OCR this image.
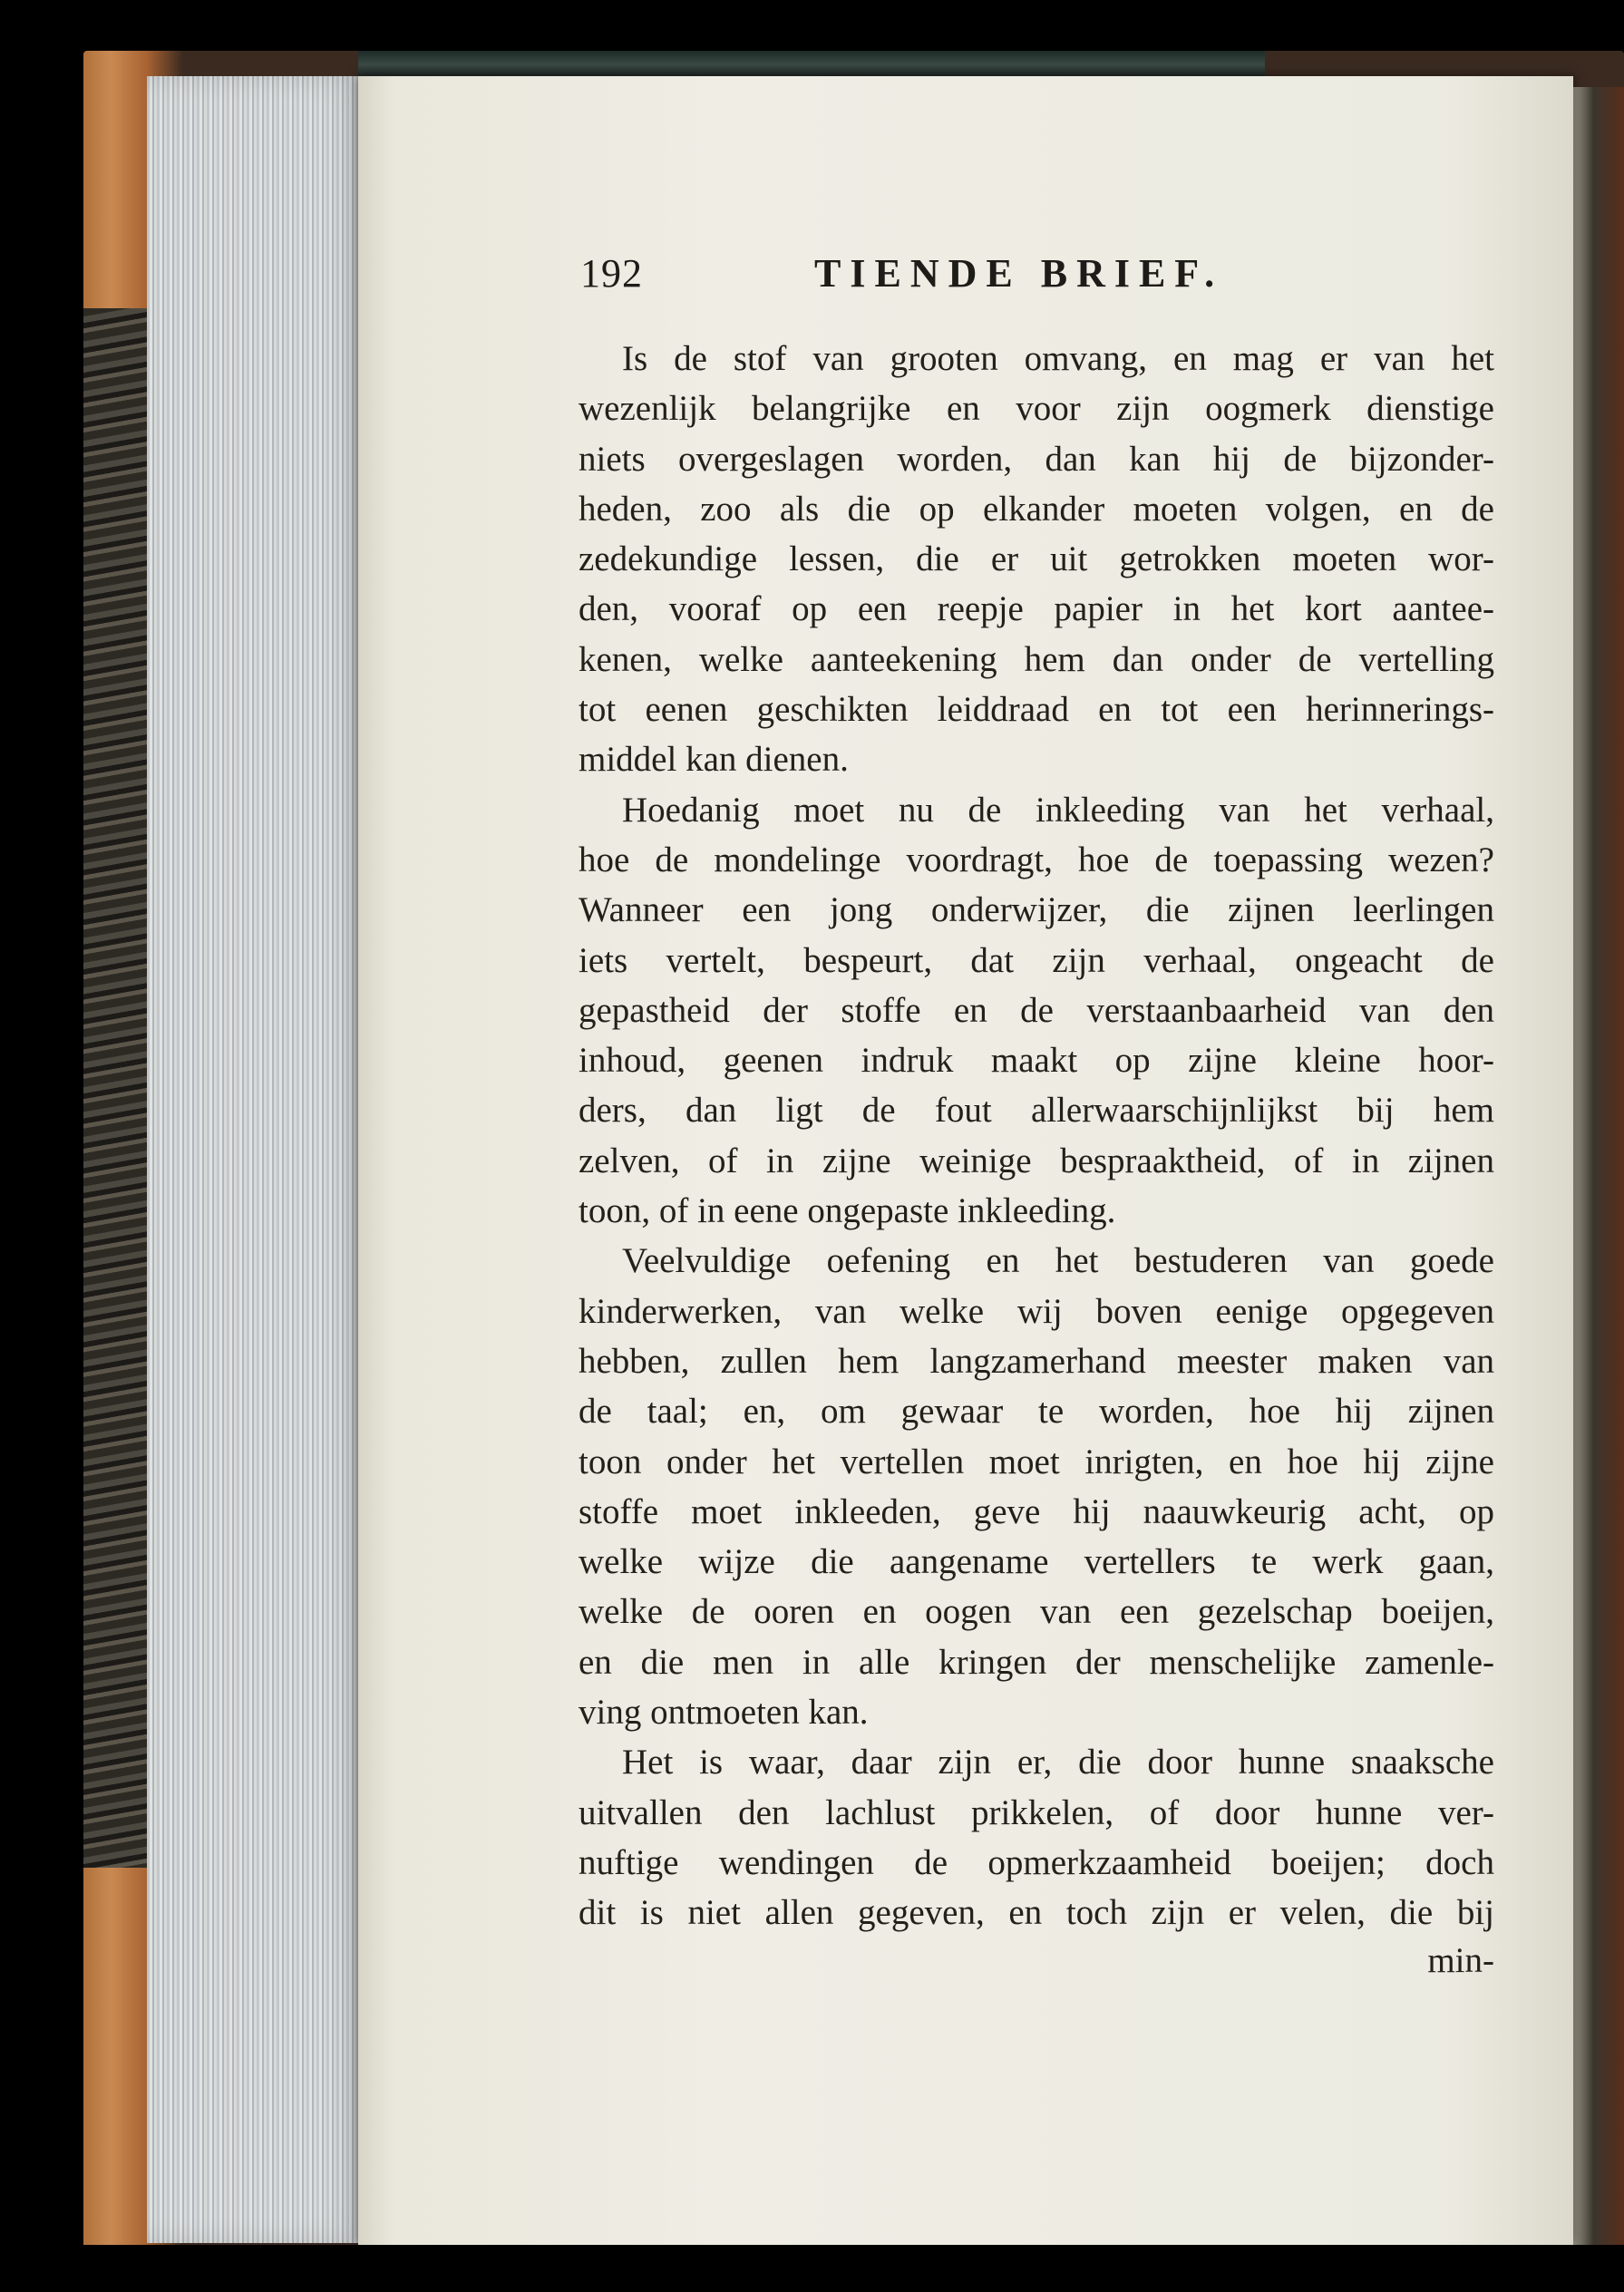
192	TIENDE BRIEF.
Is de stof van grooten omvang, en mag er van het
wezenlijk belangrijke en voor zijn oogmerk dienstige
niets overgeslagen worden, dan kan hij de bijzonder-
heden, zoo als die op elkander moeten volgen, en de
zedekundige lessen, die er uit getrokken moeten wor-
den, vooraf op een reepje papier in het kort aantee-
kenen, welke aanteekening hem dan onder de vertelling
tot eenen geschikten leiddraad en tot een herinnerings-
middel kan dienen.
Hoedanig moet nu de inkleeding van het verhaal,
hoe de mondelinge voordragt, hoe de toepassing wezen?
Wanneer een jong onderwijzer, die zijnen leerlingen
iets vertelt, bespeurt, dat zijn verhaal, ongeacht de
gepastheid der stoffe en de verstaanbaarheid van den
inhoud, geenen indruk maakt op zijne kleine hoor-
ders, dan ligt de fout allerwaarschijnlijkst bij hem
zelven, of in zijne weinige bespraaktheid, of in zijnen
toon, of in eene ongepaste inkleeding.
Veelvuldige oefening en het bestuderen van goede
kinderwerken, van welke wij boven eenige opgegeven
hebben, zullen hem langzamerhand meester maken van
de taal; en, om gewaar te worden, hoe hij zijnen
toon onder het vertellen moet inrigten, en hoe hij zijne
stoffe moet inkleeden, geve hij naauwkeurig acht, op
welke wijze die aangename vertellers te werk gaan,
welke de ooren en oogen van een gezelschap boeijen,
en die men in alle kringen der menschelijke zamenle-
ving ontmoeten kan.
Het is waar, daar zijn er, die door hunne snaaksche
uitvallen den lachlust prikkelen, of door hunne ver-
nuftige wendingen de opmerkzaamheid boeijen; doch
dit is niet allen gegeven, en toch zijn er velen, die bij
min-
